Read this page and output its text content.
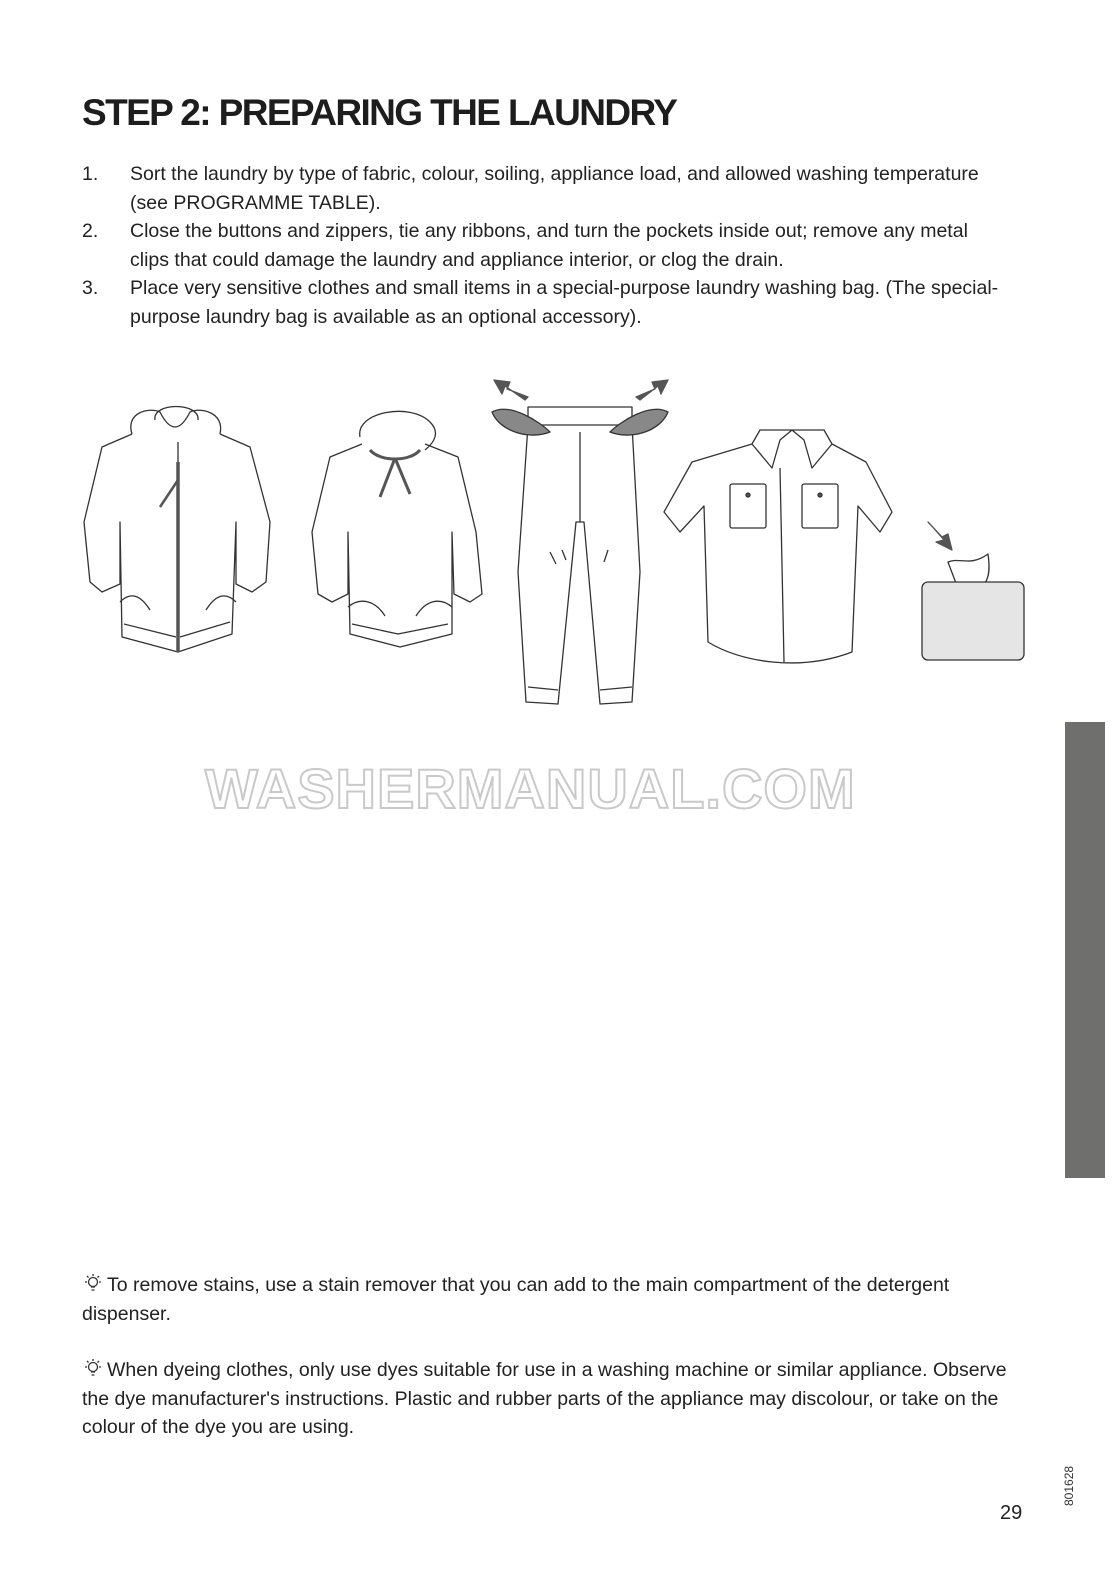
STEP 2: PREPARING THE LAUNDRY
1. Sort the laundry by type of fabric, colour, soiling, appliance load, and allowed washing temperature (see PROGRAMME TABLE).
2. Close the buttons and zippers, tie any ribbons, and turn the pockets inside out; remove any metal clips that could damage the laundry and appliance interior, or clog the drain.
3. Place very sensitive clothes and small items in a special-purpose laundry washing bag. (The special-purpose laundry bag is available as an optional accessory).
WASHERMANUAL.COM

To remove stains, use a stain remover that you can add to the main compartment of the detergent dispenser.

When dyeing clothes, only use dyes suitable for use in a washing machine or similar appliance. Observe the dye manufacturer's instructions. Plastic and rubber parts of the appliance may discolour, or take on the colour of the dye you are using.

801628
29
